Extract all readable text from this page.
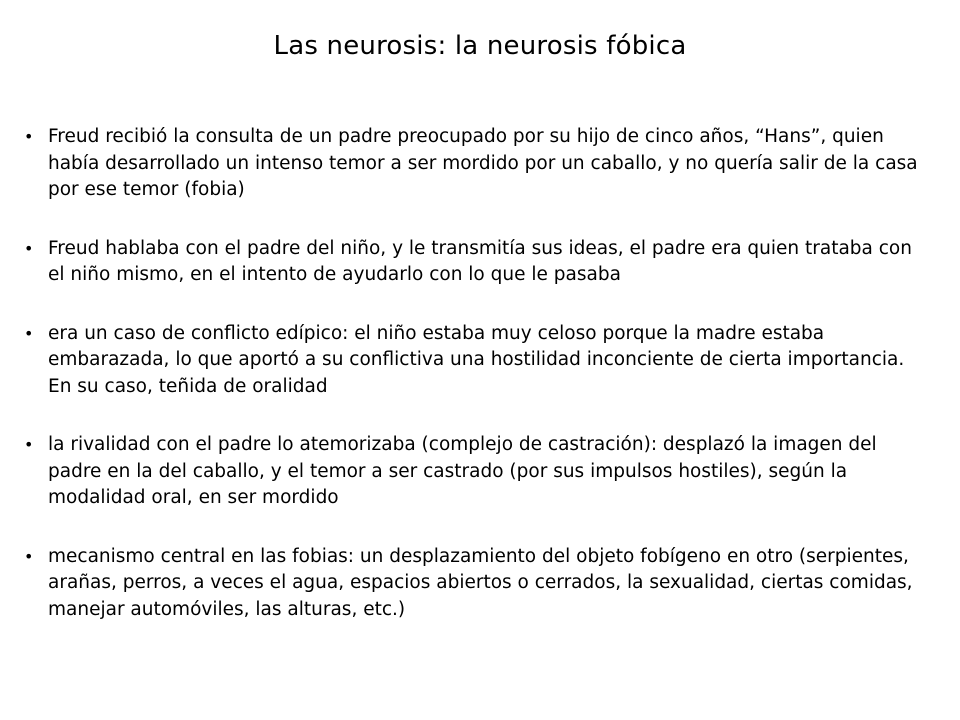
Las neurosis: la neurosis fóbica
• Freud recibió la consulta de un padre preocupado por su hijo de cinco años, “Hans”, quien había desarrollado un intenso temor a ser mordido por un caballo, y no quería salir de la casa por ese temor (fobia)
• Freud hablaba con el padre del niño, y le transmitía sus ideas, el padre era quien trataba con el niño mismo, en el intento de ayudarlo con lo que le pasaba
• era un caso de conflicto edípico: el niño estaba muy celoso porque la madre estaba embarazada, lo que aportó a su conflictiva una hostilidad inconciente de cierta importancia. En su caso, teñida de oralidad
• la rivalidad con el padre lo atemorizaba (complejo de castración): desplazó la imagen del padre en la del caballo, y el temor a ser castrado (por sus impulsos hostiles), según la modalidad oral, en ser mordido
• mecanismo central en las fobias: un desplazamiento del objeto fobígeno en otro (serpientes, arañas, perros, a veces el agua, espacios abiertos o cerrados, la sexualidad, ciertas comidas, manejar automóviles, las alturas, etc.)
